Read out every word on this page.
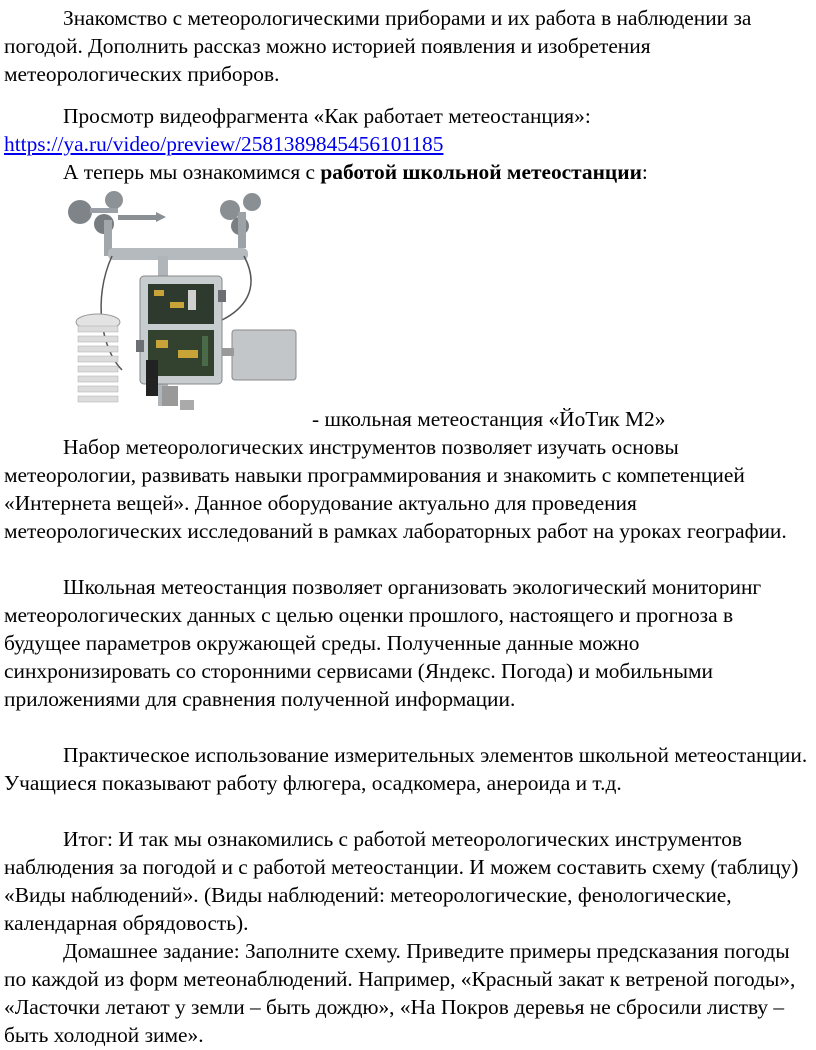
Знакомство с метеорологическими приборами и их работа в наблюдении за погодой. Дополнить рассказ можно историей появления и изобретения метеорологических приборов.

Просмотр видеофрагмента «Как работает метеостанция»:
https://ya.ru/video/preview/2581389845456101185

А теперь мы ознакомимся с работой школьной метеостанции:

- школьная метеостанция «ЙоТик М2»

Набор метеорологических инструментов позволяет изучать основы метеорологии, развивать навыки программирования и знакомить с компетенцией «Интернета вещей». Данное оборудование актуально для проведения метеорологических исследований в рамках лабораторных работ на уроках географии.

Школьная метеостанция позволяет организовать экологический мониторинг метеорологических данных с целью оценки прошлого, настоящего и прогноза в будущее параметров окружающей среды. Полученные данные можно синхронизировать со сторонними сервисами (Яндекс. Погода) и мобильными приложениями для сравнения полученной информации.

Практическое использование измерительных элементов школьной метеостанции. Учащиеся показывают работу флюгера, осадкомера, анероида и т.д.

Итог: И так мы ознакомились с работой метеорологических инструментов наблюдения за погодой и с работой метеостанции. И можем составить схему (таблицу) «Виды наблюдений». (Виды наблюдений: метеорологические, фенологические, календарная обрядовость).

Домашнее задание: Заполните схему. Приведите примеры предсказания погоды по каждой из форм метеонаблюдений. Например, «Красный закат к ветреной погоды», «Ласточки летают у земли – быть дождю», «На Покров деревья не сбросили листву – быть холодной зиме».
